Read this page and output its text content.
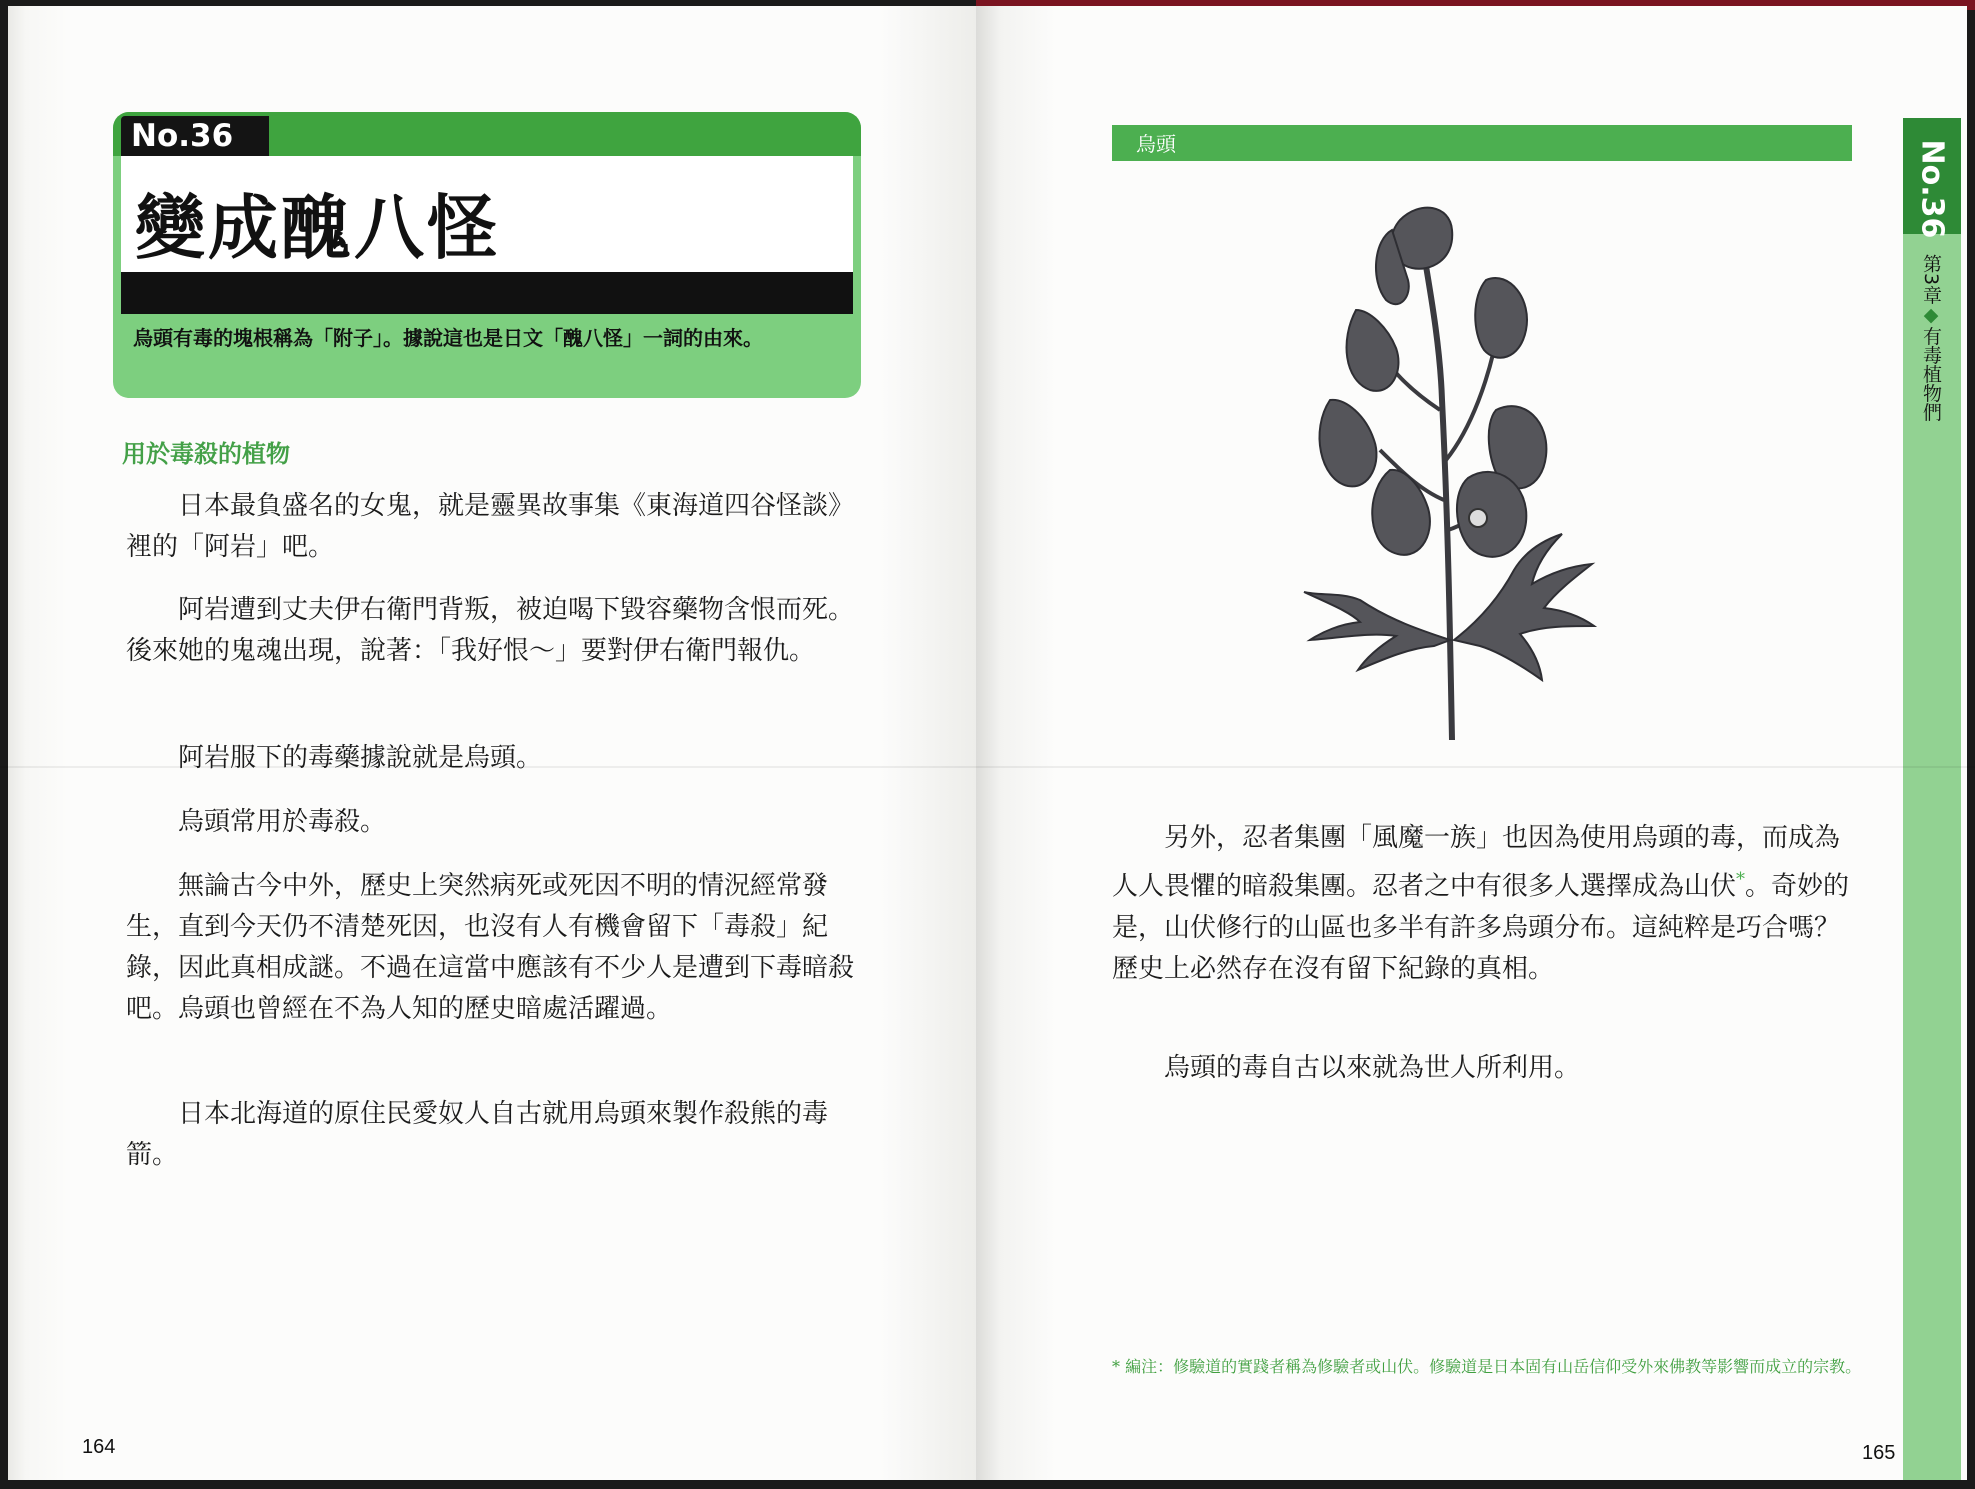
No.36
變成醜八怪
烏頭有毒的塊根稱為「附子」。據說這也是日文「醜八怪」一詞的由來。
用於毒殺的植物

日本最負盛名的女鬼，就是靈異故事集《東海道四谷怪談》裡的「阿岩」吧。

阿岩遭到丈夫伊右衛門背叛，被迫喝下毀容藥物含恨而死。後來她的鬼魂出現，說著：「我好恨～」要對伊右衛門報仇。

阿岩服下的毒藥據說就是烏頭。

烏頭常用於毒殺。

無論古今中外，歷史上突然病死或死因不明的情況經常發生，直到今天仍不清楚死因，也沒有人有機會留下「毒殺」紀錄，因此真相成謎。不過在這當中應該有不少人是遭到下毒暗殺吧。烏頭也曾經在不為人知的歷史暗處活躍過。

日本北海道的原住民愛奴人自古就用烏頭來製作殺熊的毒箭。

164
烏頭

另外，忍者集團「風魔一族」也因為使用烏頭的毒，而成為人人畏懼的暗殺集團。忍者之中有很多人選擇成為山伏*。奇妙的是，山伏修行的山區也多半有許多烏頭分布。這純粹是巧合嗎？歷史上必然存在沒有留下紀錄的真相。

烏頭的毒自古以來就為世人所利用。

* 編注：修驗道的實踐者稱為修驗者或山伏。修驗道是日本固有山岳信仰受外來佛教等影響而成立的宗教。
165
No.36
第3章◆有毒植物們
